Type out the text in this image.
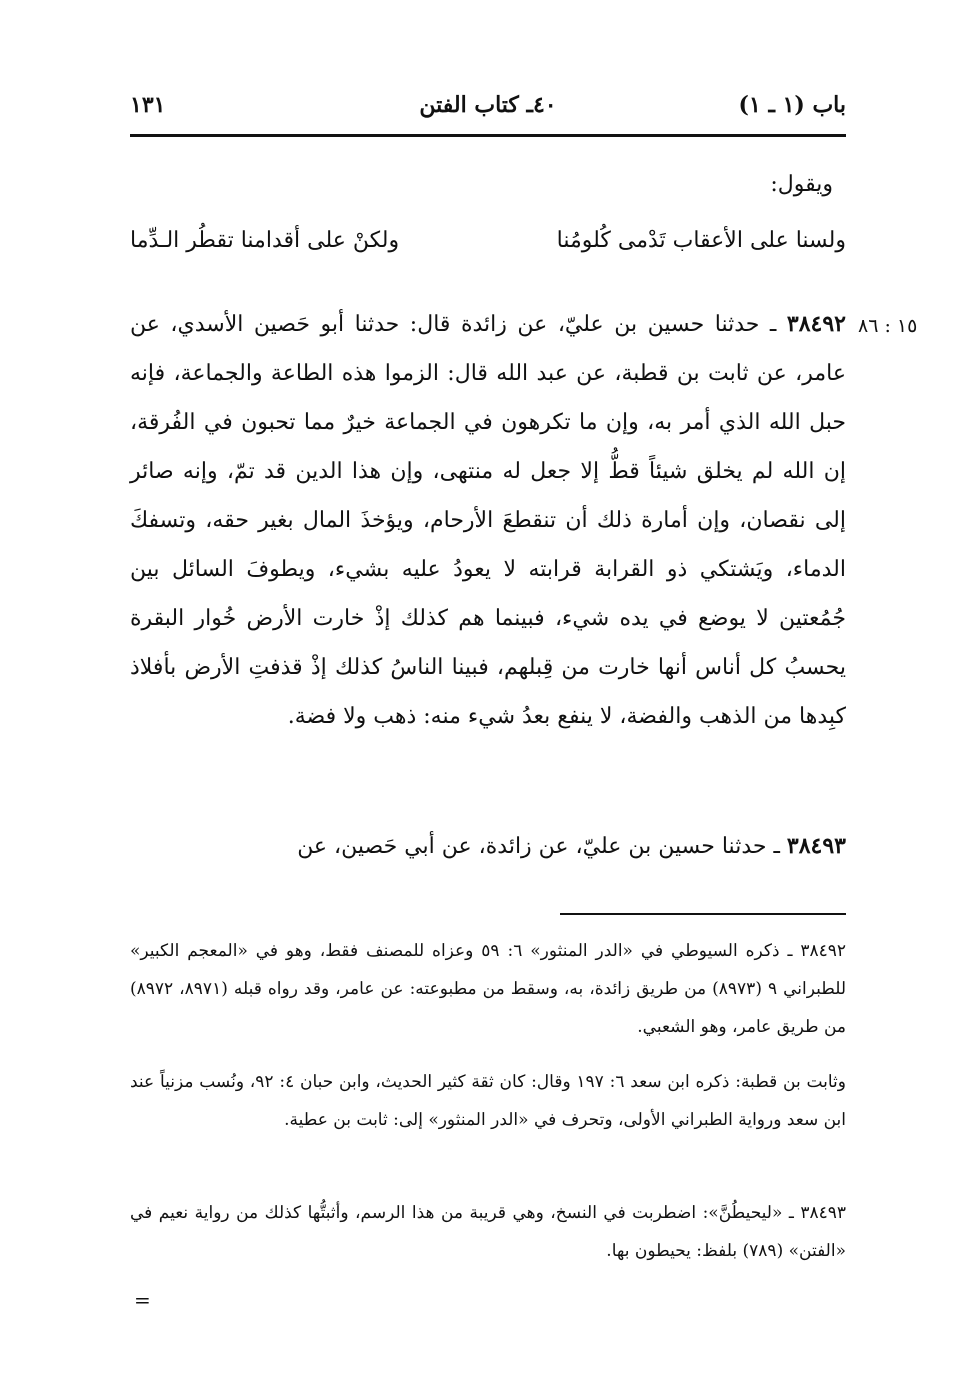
باب (١ ـ ١)
٤٠ـ كتاب الفتن
١٣١
ويقول:
ولسنا على الأعقاب تَدْمى كُلومُنا
ولكنْ على أقدامنا تقطُر الـدِّما
١٥ : ٨٦
٣٨٤٩٢ ـ حدثنا حسين بن عليّ، عن زائدة قال: حدثنا أبو حَصين الأسدي، عن عامر، عن ثابت بن قطبة، عن عبد الله قال: الزموا هذه الطاعة والجماعة، فإنه حبل الله الذي أمر به، وإن ما تكرهون في الجماعة خيرٌ مما تحبون في الفُرقة، إن الله لم يخلق شيئاً قطُّ إلا جعل له منتهى، وإن هذا الدين قد تمّ، وإنه صائر إلى نقصان، وإن أمارة ذلك أن تنقطعَ الأرحام، ويؤخذَ المال بغير حقه، وتسفكَ الدماء، ويَشتكي ذو القرابة قرابته لا يعودُ عليه بشيء، ويطوفَ السائل بين جُمُعتين لا يوضع في يده شيء، فبينما هم كذلك إذْ خارت الأرض خُوار البقرة يحسبُ كل أناس أنها خارت من قِبلهم، فبينا الناسُ كذلك إذْ قذفتِ الأرض بأفلاذ كبِدها من الذهب والفضة، لا ينفع بعدُ شيء منه: ذهب ولا فضة.
٣٨٤٩٣ ـ حدثنا حسين بن عليّ، عن زائدة، عن أبي حَصين، عن
٣٨٤٩٢ ـ ذكره السيوطي في «الدر المنثور» ٦: ٥٩ وعزاه للمصنف فقط، وهو في «المعجم الكبير» للطبراني ٩ (٨٩٧٣) من طريق زائدة، به، وسقط من مطبوعته: عن عامر، وقد رواه قبله (٨٩٧١، ٨٩٧٢) من طريق عامر، وهو الشعبي.
وثابت بن قطبة: ذكره ابن سعد ٦: ١٩٧ وقال: كان ثقة كثير الحديث، وابن حبان ٤: ٩٢، ونُسب مزنياً عند ابن سعد ورواية الطبراني الأولى، وتحرف في «الدر المنثور» إلى: ثابت بن عطية.
٣٨٤٩٣ ـ «ليحيطُنَّ»: اضطربت في النسخ، وهي قريبة من هذا الرسم، وأثبتُّها كذلك من رواية نعيم في «الفتن» (٧٨٩) بلفظ: يحيطون بها.
=
